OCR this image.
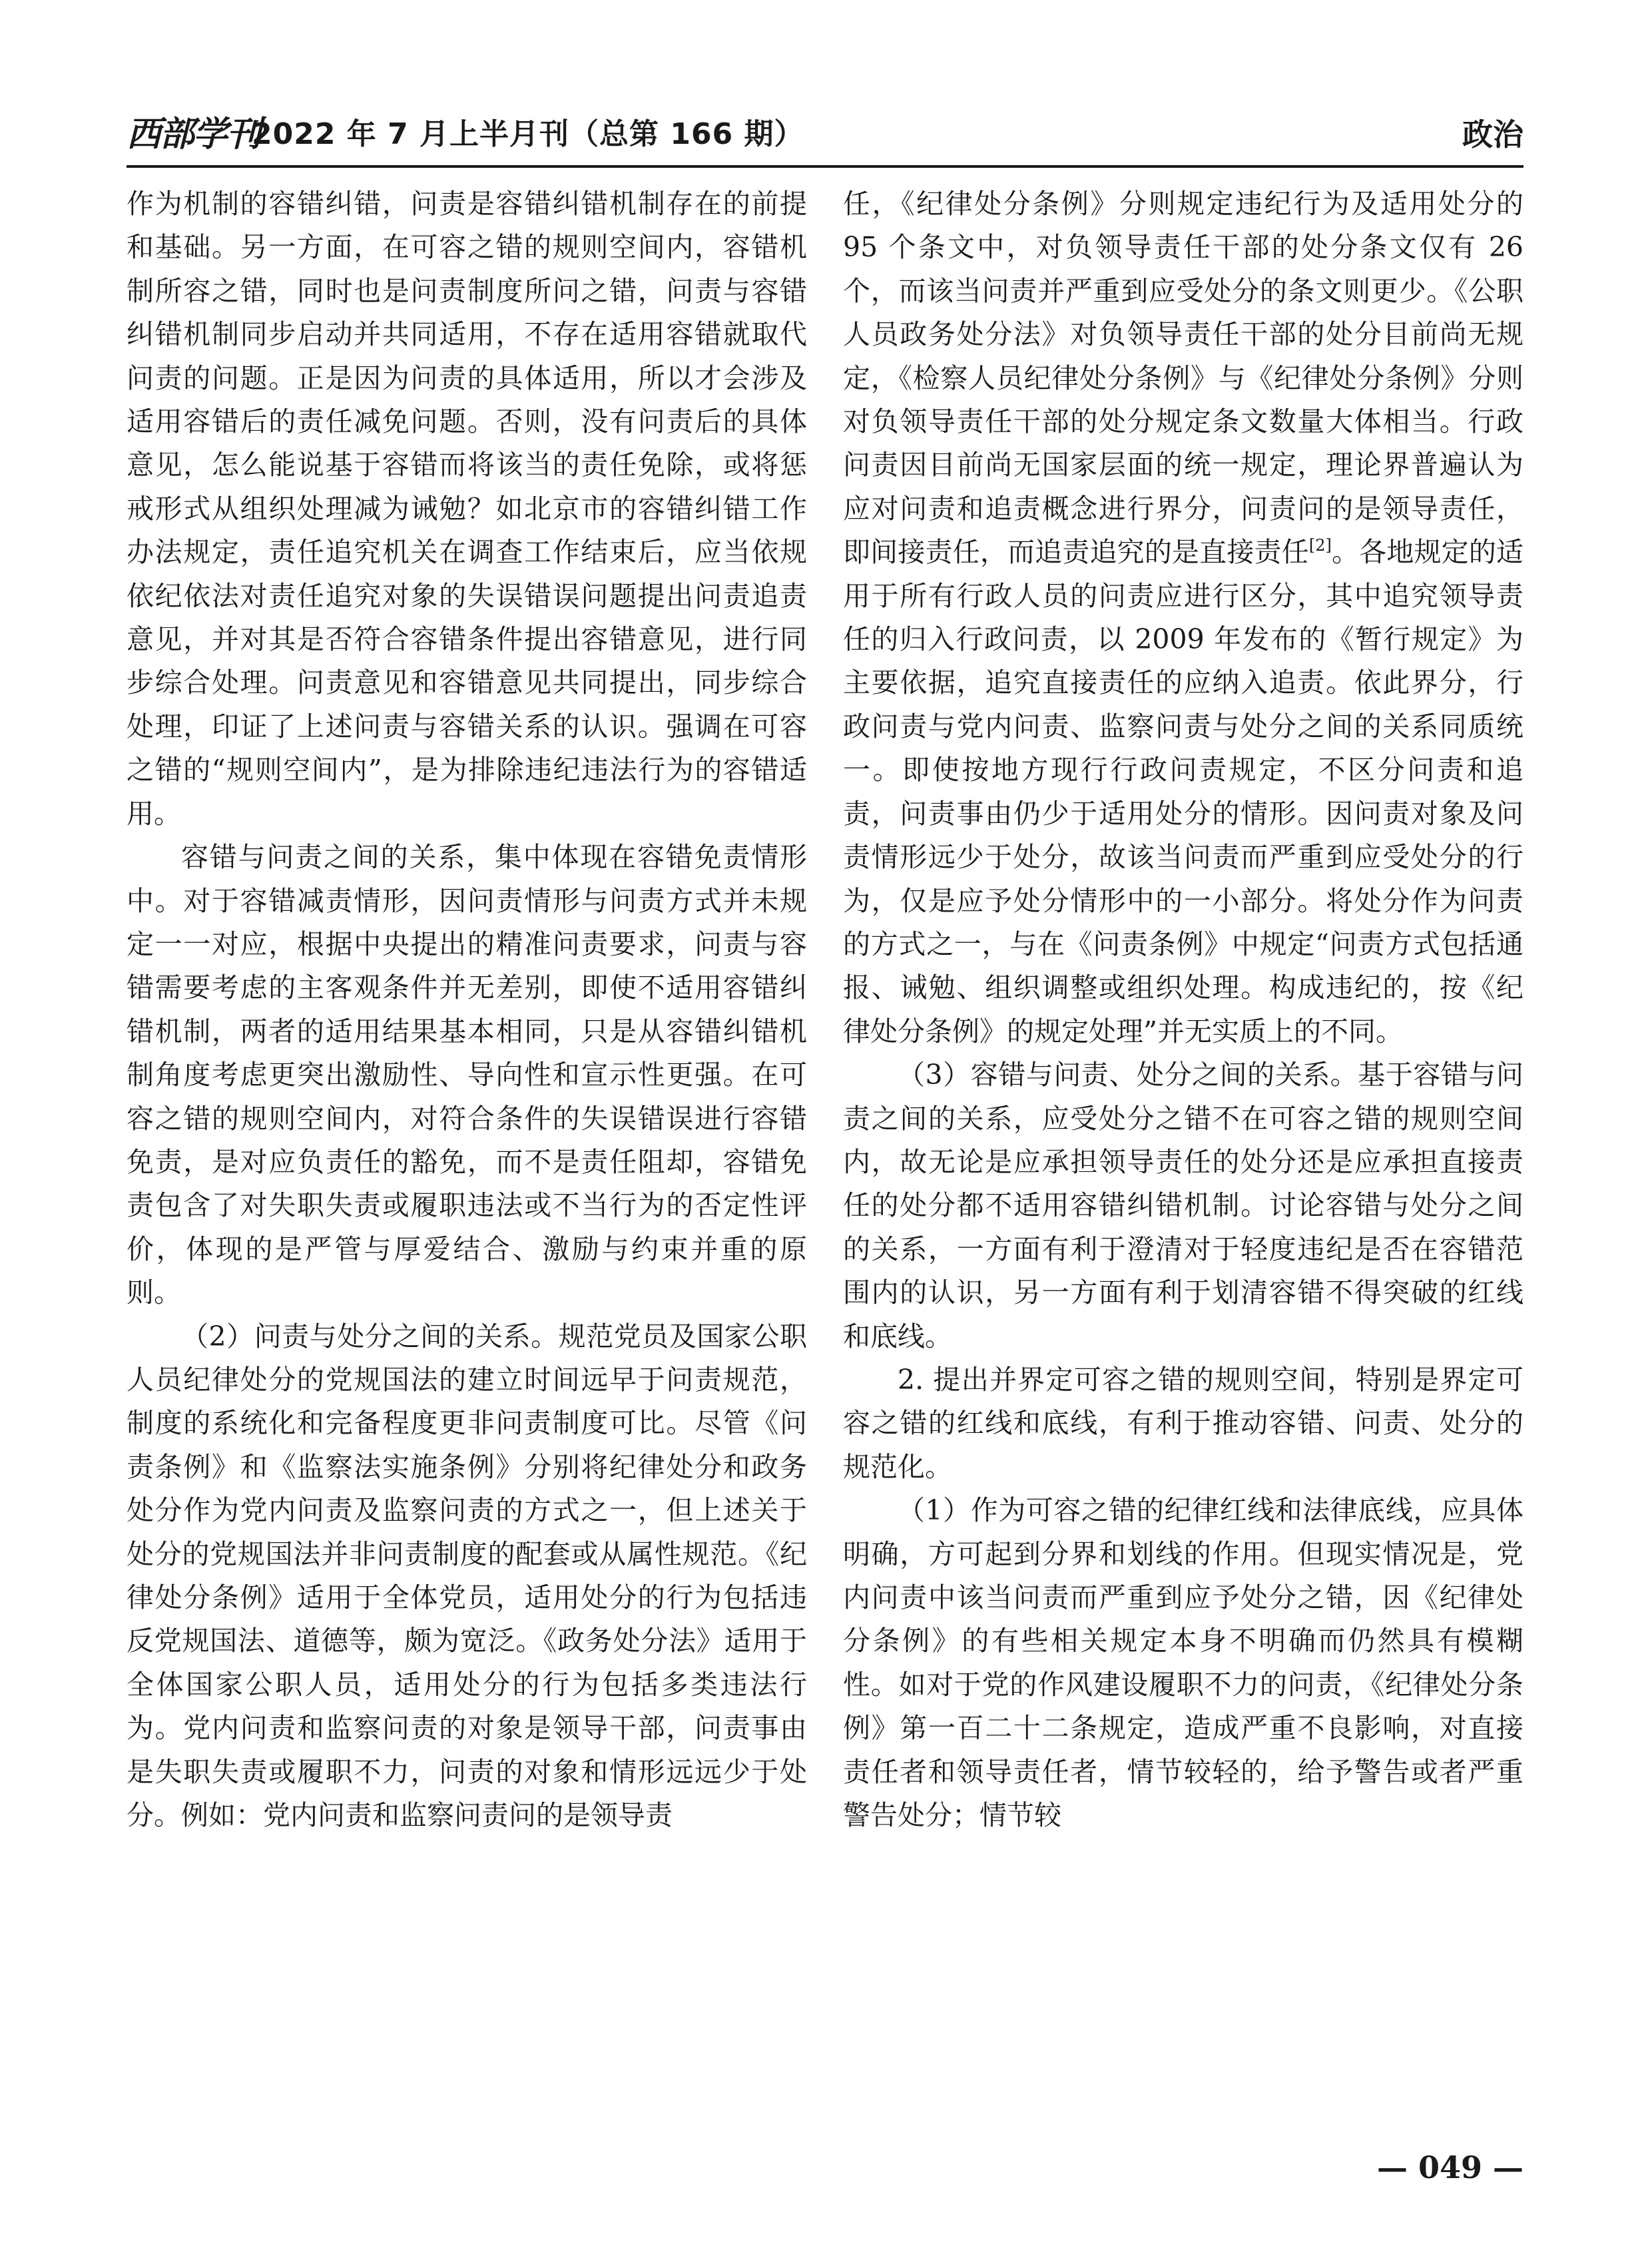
西部学刊
2022 年 7 月上半月刊（总第 166 期）	政治

作为机制的容错纠错，问责是容错纠错机制存在的前提和基础。另一方面，在可容之错的规则空间内，容错机制所容之错，同时也是问责制度所问之错，问责与容错纠错机制同步启动并共同适用，不存在适用容错就取代问责的问题。正是因为问责的具体适用，所以才会涉及适用容错后的责任减免问题。否则，没有问责后的具体意见，怎么能说基于容错而将该当的责任免除，或将惩戒形式从组织处理减为诫勉？如北京市的容错纠错工作办法规定，责任追究机关在调查工作结束后，应当依规依纪依法对责任追究对象的失误错误问题提出问责追责意见，并对其是否符合容错条件提出容错意见，进行同步综合处理。问责意见和容错意见共同提出，同步综合处理，印证了上述问责与容错关系的认识。强调在可容之错的“规则空间内”，是为排除违纪违法行为的容错适用。

容错与问责之间的关系，集中体现在容错免责情形中。对于容错减责情形，因问责情形与问责方式并未规定一一对应，根据中央提出的精准问责要求，问责与容错需要考虑的主客观条件并无差别，即使不适用容错纠错机制，两者的适用结果基本相同，只是从容错纠错机制角度考虑更突出激励性、导向性和宣示性更强。在可容之错的规则空间内，对符合条件的失误错误进行容错免责，是对应负责任的豁免，而不是责任阻却，容错免责包含了对失职失责或履职违法或不当行为的否定性评价，体现的是严管与厚爱结合、激励与约束并重的原则。

（2）问责与处分之间的关系。规范党员及国家公职人员纪律处分的党规国法的建立时间远早于问责规范，制度的系统化和完备程度更非问责制度可比。尽管《问责条例》和《监察法实施条例》分别将纪律处分和政务处分作为党内问责及监察问责的方式之一，但上述关于处分的党规国法并非问责制度的配套或从属性规范。《纪律处分条例》适用于全体党员，适用处分的行为包括违反党规国法、道德等，颇为宽泛。《政务处分法》适用于全体国家公职人员，适用处分的行为包括多类违法行为。党内问责和监察问责的对象是领导干部，问责事由是失职失责或履职不力，问责的对象和情形远远少于处分。例如：党内问责和监察问责问的是领导责

任，《纪律处分条例》分则规定违纪行为及适用处分的 95 个条文中，对负领导责任干部的处分条文仅有 26 个，而该当问责并严重到应受处分的条文则更少。《公职人员政务处分法》对负领导责任干部的处分目前尚无规定，《检察人员纪律处分条例》与《纪律处分条例》分则对负领导责任干部的处分规定条文数量大体相当。行政问责因目前尚无国家层面的统一规定，理论界普遍认为应对问责和追责概念进行界分，问责问的是领导责任，即间接责任，而追责追究的是直接责任[2]。各地规定的适用于所有行政人员的问责应进行区分，其中追究领导责任的归入行政问责，以 2009 年发布的《暂行规定》为主要依据，追究直接责任的应纳入追责。依此界分，行政问责与党内问责、监察问责与处分之间的关系同质统一。即使按地方现行行政问责规定，不区分问责和追责，问责事由仍少于适用处分的情形。因问责对象及问责情形远少于处分，故该当问责而严重到应受处分的行为，仅是应予处分情形中的一小部分。将处分作为问责的方式之一，与在《问责条例》中规定“问责方式包括通报、诫勉、组织调整或组织处理。构成违纪的，按《纪律处分条例》的规定处理”并无实质上的不同。

（3）容错与问责、处分之间的关系。基于容错与问责之间的关系，应受处分之错不在可容之错的规则空间内，故无论是应承担领导责任的处分还是应承担直接责任的处分都不适用容错纠错机制。讨论容错与处分之间的关系，一方面有利于澄清对于轻度违纪是否在容错范围内的认识，另一方面有利于划清容错不得突破的红线和底线。

2. 提出并界定可容之错的规则空间，特别是界定可容之错的红线和底线，有利于推动容错、问责、处分的规范化。

（1）作为可容之错的纪律红线和法律底线，应具体明确，方可起到分界和划线的作用。但现实情况是，党内问责中该当问责而严重到应予处分之错，因《纪律处分条例》的有些相关规定本身不明确而仍然具有模糊性。如对于党的作风建设履职不力的问责，《纪律处分条例》第一百二十二条规定，造成严重不良影响，对直接责任者和领导责任者，情节较轻的，给予警告或者严重警告处分；情节较

— 049 —
